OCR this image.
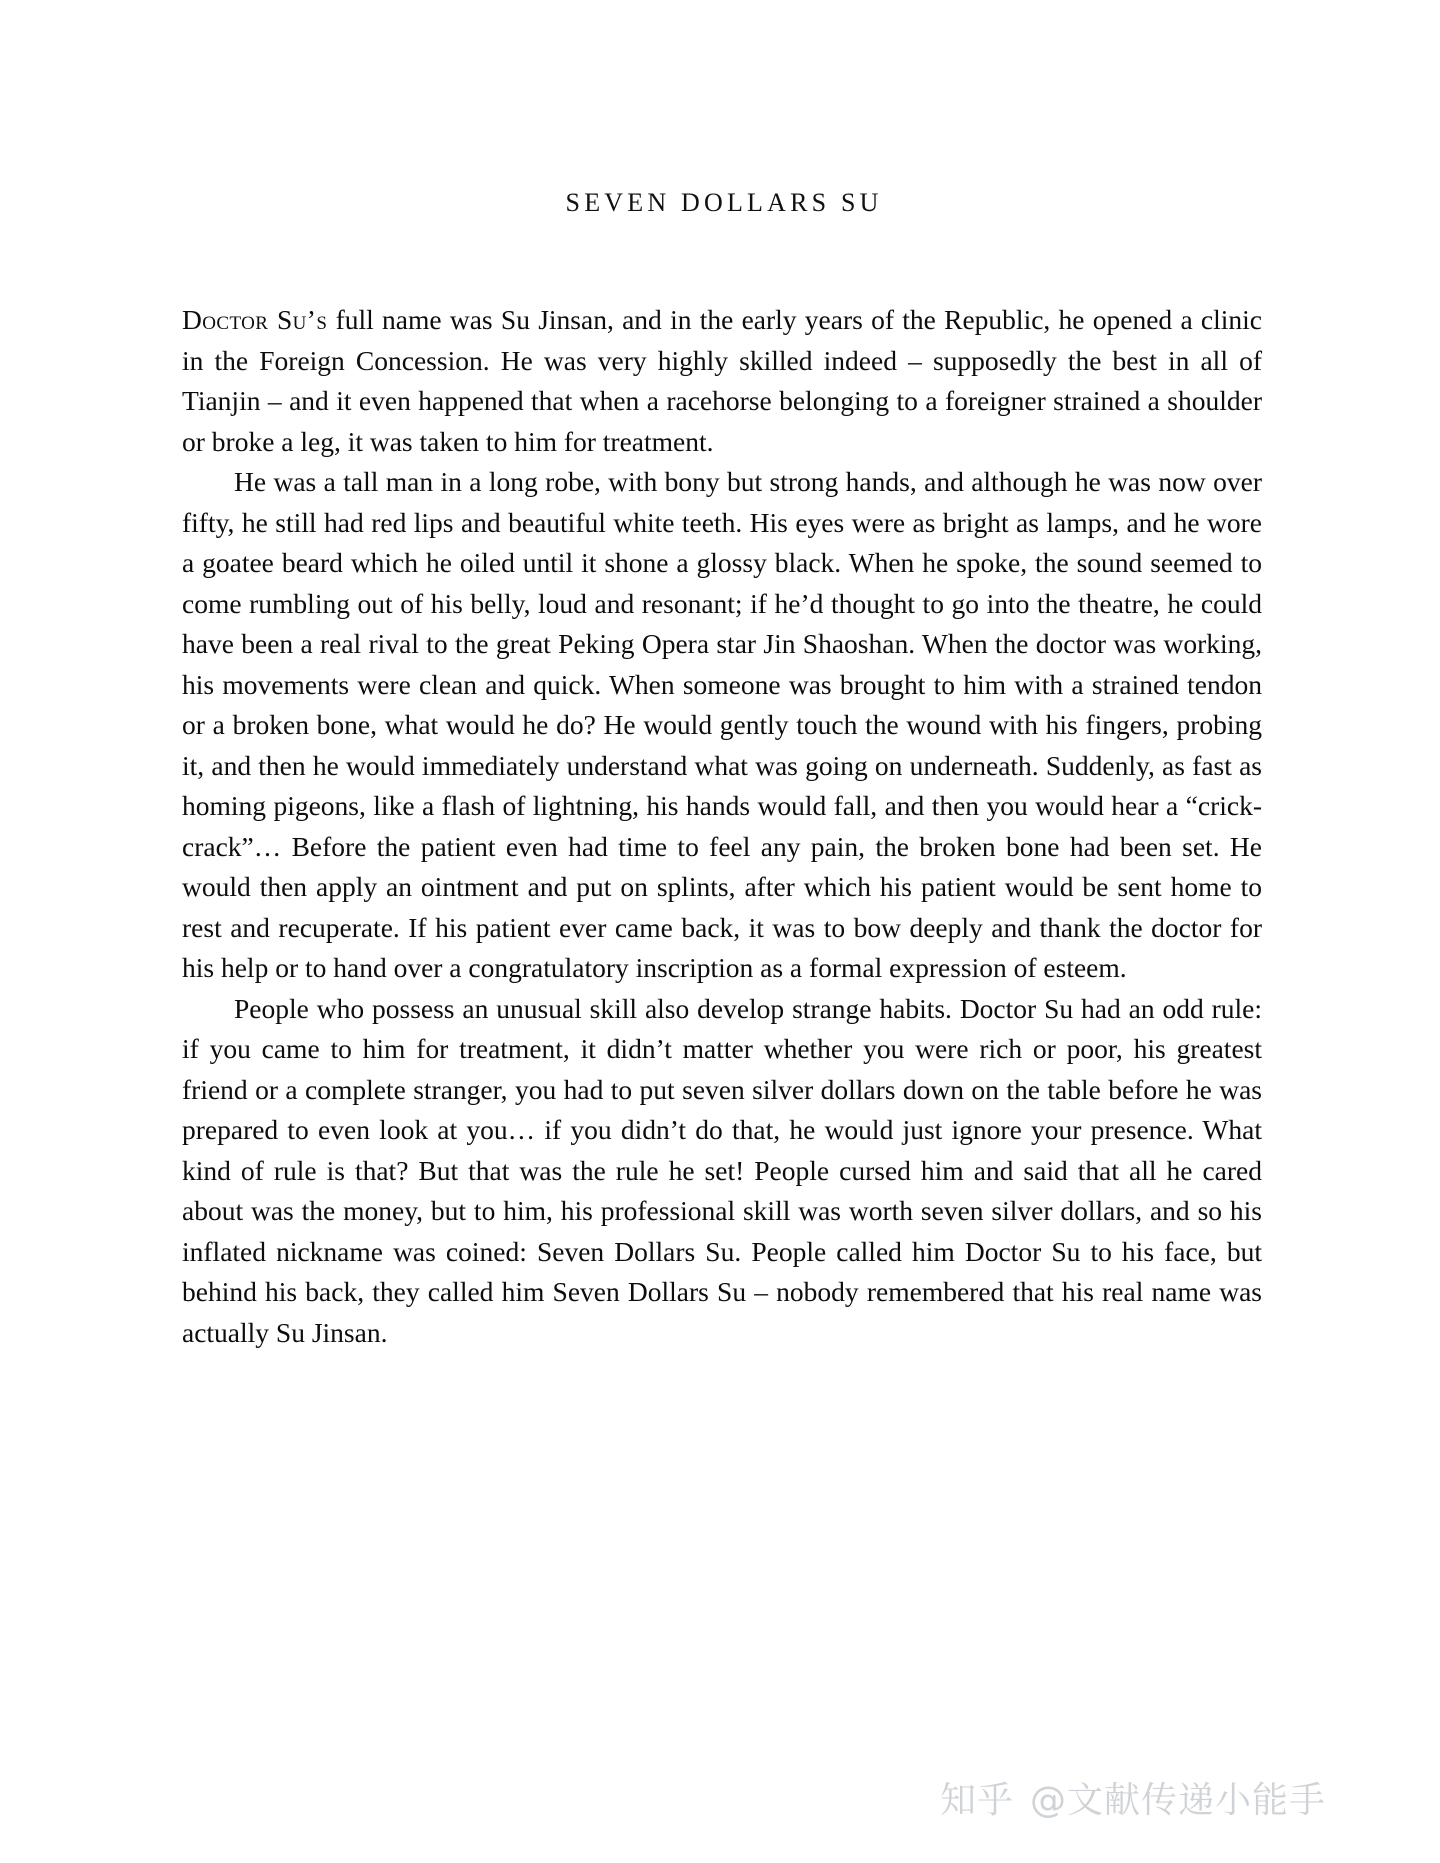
SEVEN DOLLARS SU

Doctor Su’s full name was Su Jinsan, and in the early years of the Republic, he opened a clinic in the Foreign Concession. He was very highly skilled indeed – supposedly the best in all of Tianjin – and it even happened that when a racehorse belonging to a foreigner strained a shoulder or broke a leg, it was taken to him for treatment.

He was a tall man in a long robe, with bony but strong hands, and although he was now over fifty, he still had red lips and beautiful white teeth. His eyes were as bright as lamps, and he wore a goatee beard which he oiled until it shone a glossy black. When he spoke, the sound seemed to come rumbling out of his belly, loud and resonant; if he’d thought to go into the theatre, he could have been a real rival to the great Peking Opera star Jin Shaoshan. When the doctor was working, his movements were clean and quick. When someone was brought to him with a strained tendon or a broken bone, what would he do? He would gently touch the wound with his fingers, probing it, and then he would immediately understand what was going on underneath. Suddenly, as fast as homing pigeons, like a flash of lightning, his hands would fall, and then you would hear a “crick-crack”… Before the patient even had time to feel any pain, the broken bone had been set. He would then apply an ointment and put on splints, after which his patient would be sent home to rest and recuperate. If his patient ever came back, it was to bow deeply and thank the doctor for his help or to hand over a congratulatory inscription as a formal expression of esteem.

People who possess an unusual skill also develop strange habits. Doctor Su had an odd rule: if you came to him for treatment, it didn’t matter whether you were rich or poor, his greatest friend or a complete stranger, you had to put seven silver dollars down on the table before he was prepared to even look at you… if you didn’t do that, he would just ignore your presence. What kind of rule is that? But that was the rule he set! People cursed him and said that all he cared about was the money, but to him, his professional skill was worth seven silver dollars, and so his inflated nickname was coined: Seven Dollars Su. People called him Doctor Su to his face, but behind his back, they called him Seven Dollars Su – nobody remembered that his real name was actually Su Jinsan.

知乎 @文献传递小能手
